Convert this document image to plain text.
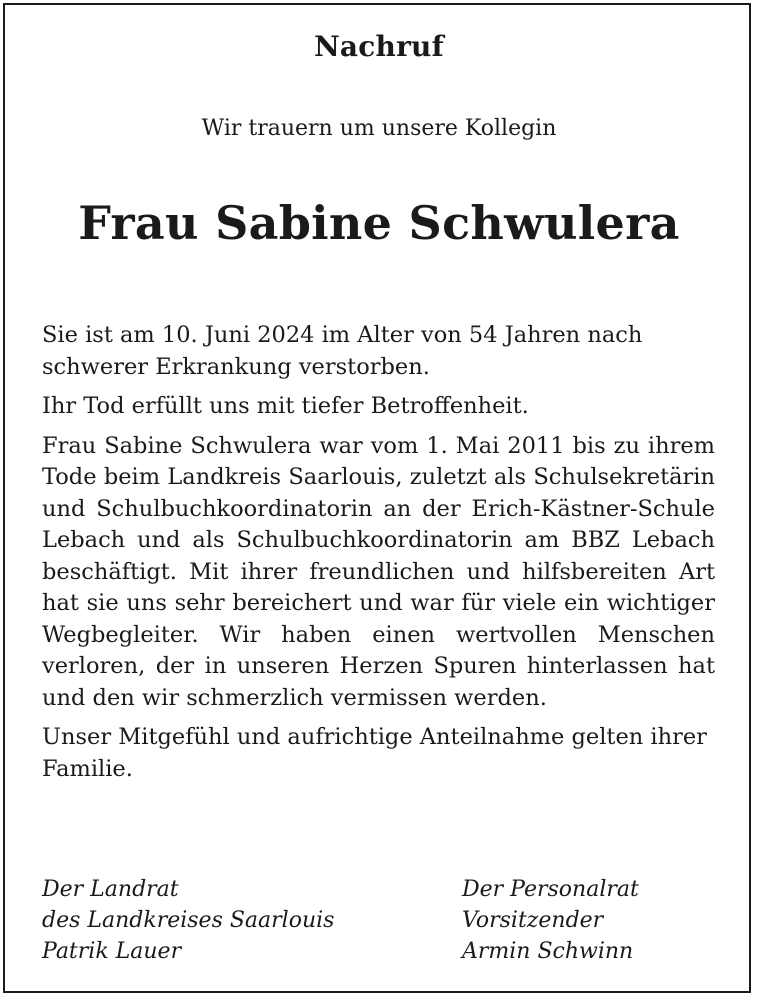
Nachruf
Wir trauern um unsere Kollegin
Frau Sabine Schwulera

Sie ist am 10. Juni 2024 im Alter von 54 Jahren nach schwerer Erkrankung verstorben.

Ihr Tod erfüllt uns mit tiefer Betroffenheit.

Frau Sabine Schwulera war vom 1. Mai 2011 bis zu ihrem Tode beim Landkreis Saarlouis, zuletzt als Schulsekretärin und Schulbuchkoordinatorin an der Erich-Kästner-Schule Lebach und als Schulbuchkoordinatorin am BBZ Lebach beschäftigt. Mit ihrer freundlichen und hilfsbereiten Art hat sie uns sehr bereichert und war für viele ein wichtiger Wegbegleiter. Wir haben einen wertvollen Menschen verloren, der in unseren Herzen Spuren hinterlassen hat und den wir schmerzlich vermissen werden.

Unser Mitgefühl und aufrichtige Anteilnahme gelten ihrer Familie.

Der Landrat
des Landkreises Saarlouis
Patrik Lauer
Der Personalrat
Vorsitzender
Armin Schwinn
